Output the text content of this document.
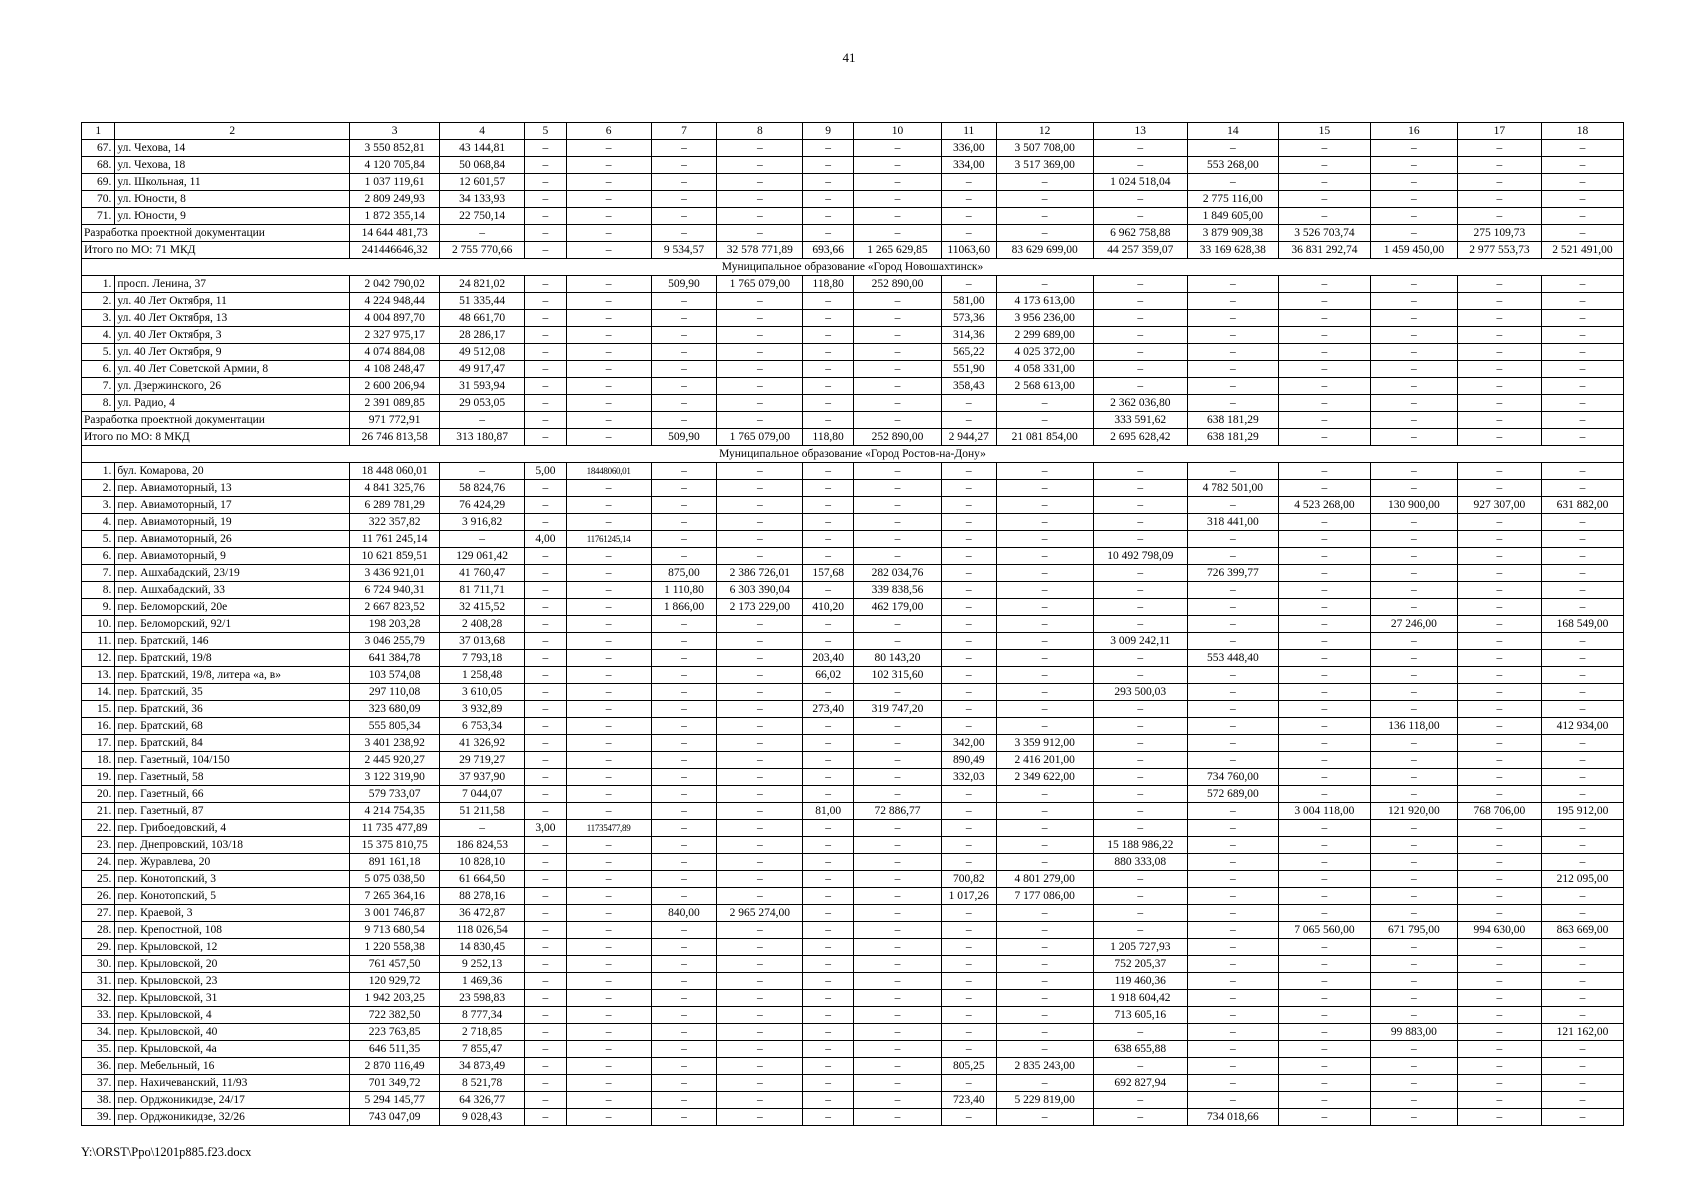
41
1	2	3	4	5	6	7	8	9	10	11	12	13	14	15	16	17	18
67.	ул. Чехова, 14	3 550 852,81	43 144,81	–	–	–	–	–	–	336,00	3 507 708,00	–	–	–	–	–	–
68.	ул. Чехова, 18	4 120 705,84	50 068,84	–	–	–	–	–	–	334,00	3 517 369,00	–	553 268,00	–	–	–	–
69.	ул. Школьная, 11	1 037 119,61	12 601,57	–	–	–	–	–	–	–	–	1 024 518,04	–	–	–	–	–
70.	ул. Юности, 8	2 809 249,93	34 133,93	–	–	–	–	–	–	–	–	–	2 775 116,00	–	–	–	–
71.	ул. Юности, 9	1 872 355,14	22 750,14	–	–	–	–	–	–	–	–	–	1 849 605,00	–	–	–	–
Разработка проектной документации		14 644 481,73	–	–	–	–	–	–	–	–	–	6 962 758,88	3 879 909,38	3 526 703,74	–	275 109,73	–
Итого по МО: 71 МКД		241446646,32	2 755 770,66	–	–	9 534,57	32 578 771,89	693,66	1 265 629,85	11063,60	83 629 699,00	44 257 359,07	33 169 628,38	36 831 292,74	1 459 450,00	2 977 553,73	2 521 491,00
Муниципальное образование «Город Новошахтинск»																	
1.	просп. Ленина, 37	2 042 790,02	24 821,02	–	–	509,90	1 765 079,00	118,80	252 890,00	–	–	–	–	–	–	–	–
2.	ул. 40 Лет Октября, 11	4 224 948,44	51 335,44	–	–	–	–	–	–	581,00	4 173 613,00	–	–	–	–	–	–
3.	ул. 40 Лет Октября, 13	4 004 897,70	48 661,70	–	–	–	–	–	–	573,36	3 956 236,00	–	–	–	–	–	–
4.	ул. 40 Лет Октября, 3	2 327 975,17	28 286,17	–	–	–	–	–	–	314,36	2 299 689,00	–	–	–	–	–	–
5.	ул. 40 Лет Октября, 9	4 074 884,08	49 512,08	–	–	–	–	–	–	565,22	4 025 372,00	–	–	–	–	–	–
6.	ул. 40 Лет Советской Армии, 8	4 108 248,47	49 917,47	–	–	–	–	–	–	551,90	4 058 331,00	–	–	–	–	–	–
7.	ул. Дзержинского, 26	2 600 206,94	31 593,94	–	–	–	–	–	–	358,43	2 568 613,00	–	–	–	–	–	–
8.	ул. Радио, 4	2 391 089,85	29 053,05	–	–	–	–	–	–	–	–	2 362 036,80	–	–	–	–	–
Разработка проектной документации		971 772,91	–	–	–	–	–	–	–	–	–	333 591,62	638 181,29	–	–	–	–
Итого по МО: 8 МКД		26 746 813,58	313 180,87	–	–	509,90	1 765 079,00	118,80	252 890,00	2 944,27	21 081 854,00	2 695 628,42	638 181,29	–	–	–	–
Муниципальное образование «Город Ростов-на-Дону»																	
1.	бул. Комарова, 20	18 448 060,01	–	5,00	18448060,01	–	–	–	–	–	–	–	–	–	–	–	–
2.	пер. Авиамоторный, 13	4 841 325,76	58 824,76	–	–	–	–	–	–	–	–	–	4 782 501,00	–	–	–	–
3.	пер. Авиамоторный, 17	6 289 781,29	76 424,29	–	–	–	–	–	–	–	–	–	–	4 523 268,00	130 900,00	927 307,00	631 882,00
4.	пер. Авиамоторный, 19	322 357,82	3 916,82	–	–	–	–	–	–	–	–	–	318 441,00	–	–	–	–
5.	пер. Авиамоторный, 26	11 761 245,14	–	4,00	11761245,14	–	–	–	–	–	–	–	–	–	–	–	–
6.	пер. Авиамоторный, 9	10 621 859,51	129 061,42	–	–	–	–	–	–	–	–	10 492 798,09	–	–	–	–	–
7.	пер. Ашхабадский, 23/19	3 436 921,01	41 760,47	–	–	875,00	2 386 726,01	157,68	282 034,76	–	–	–	726 399,77	–	–	–	–
8.	пер. Ашхабадский, 33	6 724 940,31	81 711,71	–	–	1 110,80	6 303 390,04	–	339 838,56	–	–	–	–	–	–	–	–
9.	пер. Беломорский, 20е	2 667 823,52	32 415,52	–	–	1 866,00	2 173 229,00	410,20	462 179,00	–	–	–	–	–	–	–	–
10.	пер. Беломорский, 92/1	198 203,28	2 408,28	–	–	–	–	–	–	–	–	–	–	–	27 246,00	–	168 549,00
11.	пер. Братский, 146	3 046 255,79	37 013,68	–	–	–	–	–	–	–	–	3 009 242,11	–	–	–	–	–
12.	пер. Братский, 19/8	641 384,78	7 793,18	–	–	–	–	203,40	80 143,20	–	–	–	553 448,40	–	–	–	–
13.	пер. Братский, 19/8, литера «а, в»	103 574,08	1 258,48	–	–	–	–	66,02	102 315,60	–	–	–	–	–	–	–	–
14.	пер. Братский, 35	297 110,08	3 610,05	–	–	–	–	–	–	–	–	293 500,03	–	–	–	–	–
15.	пер. Братский, 36	323 680,09	3 932,89	–	–	–	–	273,40	319 747,20	–	–	–	–	–	–	–	–
16.	пер. Братский, 68	555 805,34	6 753,34	–	–	–	–	–	–	–	–	–	–	–	136 118,00	–	412 934,00
17.	пер. Братский, 84	3 401 238,92	41 326,92	–	–	–	–	–	–	342,00	3 359 912,00	–	–	–	–	–	–
18.	пер. Газетный, 104/150	2 445 920,27	29 719,27	–	–	–	–	–	–	890,49	2 416 201,00	–	–	–	–	–	–
19.	пер. Газетный, 58	3 122 319,90	37 937,90	–	–	–	–	–	–	332,03	2 349 622,00	–	734 760,00	–	–	–	–
20.	пер. Газетный, 66	579 733,07	7 044,07	–	–	–	–	–	–	–	–	–	572 689,00	–	–	–	–
21.	пер. Газетный, 87	4 214 754,35	51 211,58	–	–	–	–	81,00	72 886,77	–	–	–	–	3 004 118,00	121 920,00	768 706,00	195 912,00
22.	пер. Грибоедовский, 4	11 735 477,89	–	3,00	11735477,89	–	–	–	–	–	–	–	–	–	–	–	–
23.	пер. Днепровский, 103/18	15 375 810,75	186 824,53	–	–	–	–	–	–	–	–	15 188 986,22	–	–	–	–	–
24.	пер. Журавлева, 20	891 161,18	10 828,10	–	–	–	–	–	–	–	–	880 333,08	–	–	–	–	–
25.	пер. Конотопский, 3	5 075 038,50	61 664,50	–	–	–	–	–	–	700,82	4 801 279,00	–	–	–	–	–	212 095,00
26.	пер. Конотопский, 5	7 265 364,16	88 278,16	–	–	–	–	–	–	1 017,26	7 177 086,00	–	–	–	–	–	–
27.	пер. Краевой, 3	3 001 746,87	36 472,87	–	–	840,00	2 965 274,00	–	–	–	–	–	–	–	–	–	–
28.	пер. Крепостной, 108	9 713 680,54	118 026,54	–	–	–	–	–	–	–	–	–	–	7 065 560,00	671 795,00	994 630,00	863 669,00
29.	пер. Крыловской, 12	1 220 558,38	14 830,45	–	–	–	–	–	–	–	–	1 205 727,93	–	–	–	–	–
30.	пер. Крыловской, 20	761 457,50	9 252,13	–	–	–	–	–	–	–	–	752 205,37	–	–	–	–	–
31.	пер. Крыловской, 23	120 929,72	1 469,36	–	–	–	–	–	–	–	–	119 460,36	–	–	–	–	–
32.	пер. Крыловской, 31	1 942 203,25	23 598,83	–	–	–	–	–	–	–	–	1 918 604,42	–	–	–	–	–
33.	пер. Крыловской, 4	722 382,50	8 777,34	–	–	–	–	–	–	–	–	713 605,16	–	–	–	–	–
34.	пер. Крыловской, 40	223 763,85	2 718,85	–	–	–	–	–	–	–	–	–	–	–	99 883,00	–	121 162,00
35.	пер. Крыловской, 4а	646 511,35	7 855,47	–	–	–	–	–	–	–	–	638 655,88	–	–	–	–	–
36.	пер. Мебельный, 16	2 870 116,49	34 873,49	–	–	–	–	–	–	805,25	2 835 243,00	–	–	–	–	–	–
37.	пер. Нахичеванский, 11/93	701 349,72	8 521,78	–	–	–	–	–	–	–	–	692 827,94	–	–	–	–	–
38.	пер. Орджоникидзе, 24/17	5 294 145,77	64 326,77	–	–	–	–	–	–	723,40	5 229 819,00	–	–	–	–	–	–
39.	пер. Орджоникидзе, 32/26	743 047,09	9 028,43	–	–	–	–	–	–	–	–	–	734 018,66	–	–	–	–
Y:\ORST\Ppo\1201p885.f23.docx
